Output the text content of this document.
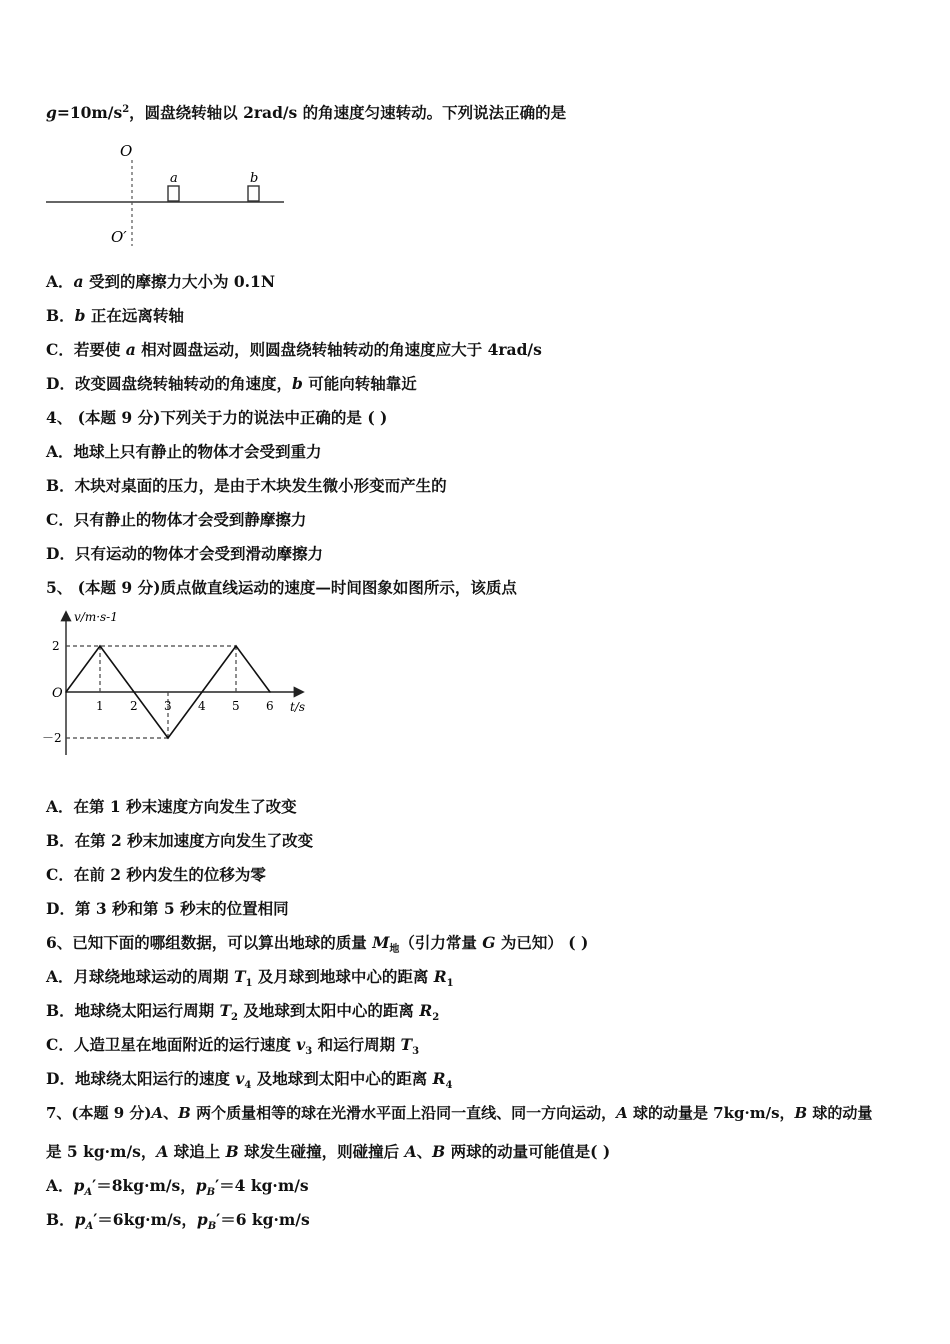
$g=10m/s^2$，圆盘绕转轴以 2rad/s 的角速度匀速转动。下列说法正确的是
O
O′
a	b
A．a 受到的摩擦力大小为 0.1N
B．b 正在远离转轴
C．若要使 a 相对圆盘运动，则圆盘绕转轴转动的角速度应大于 4rad/s
D．改变圆盘绕转轴转动的角速度，b 可能向转轴靠近
4、 (本题 9 分)下列关于力的说法中正确的是 ( )
A．地球上只有静止的物体才会受到重力
B．木块对桌面的压力，是由于木块发生微小形变而产生的
C．只有静止的物体才会受到静摩擦力
D．只有运动的物体才会受到滑动摩擦力
5、 (本题 9 分)质点做直线运动的速度—时间图象如图所示，该质点
v/m·s-1
t/s
1 2 3 4 5 6
2
O
－2
A．在第 1 秒末速度方向发生了改变
B．在第 2 秒末加速度方向发生了改变
C．在前 2 秒内发生的位移为零
D．第 3 秒和第 5 秒末的位置相同
6、已知下面的哪组数据，可以算出地球的质量 $M_地$（引力常量 G 为已知） ( )
A．月球绕地球运动的周期 $T_1$ 及月球到地球中心的距离 $R_1$
B．地球绕太阳运行周期 $T_2$ 及地球到太阳中心的距离 $R_2$
C．人造卫星在地面附近的运行速度 $v_3$ 和运行周期 $T_3$
D．地球绕太阳运行的速度 $v_4$ 及地球到太阳中心的距离 $R_4$
7、(本题 9 分)A、B 两个质量相等的球在光滑水平面上沿同一直线、同一方向运动，A 球的动量是 7kg·m/s，B 球的动量
是 5 kg·m/s，A 球追上 B 球发生碰撞，则碰撞后 A、B 两球的动量可能值是( )
A．$p_A'=8kg\cdot m/s$，$p_B'=4$ kg·m/s
B．$p_A'=6kg\cdot m/s$，$p_B'=6$ kg·m/s
